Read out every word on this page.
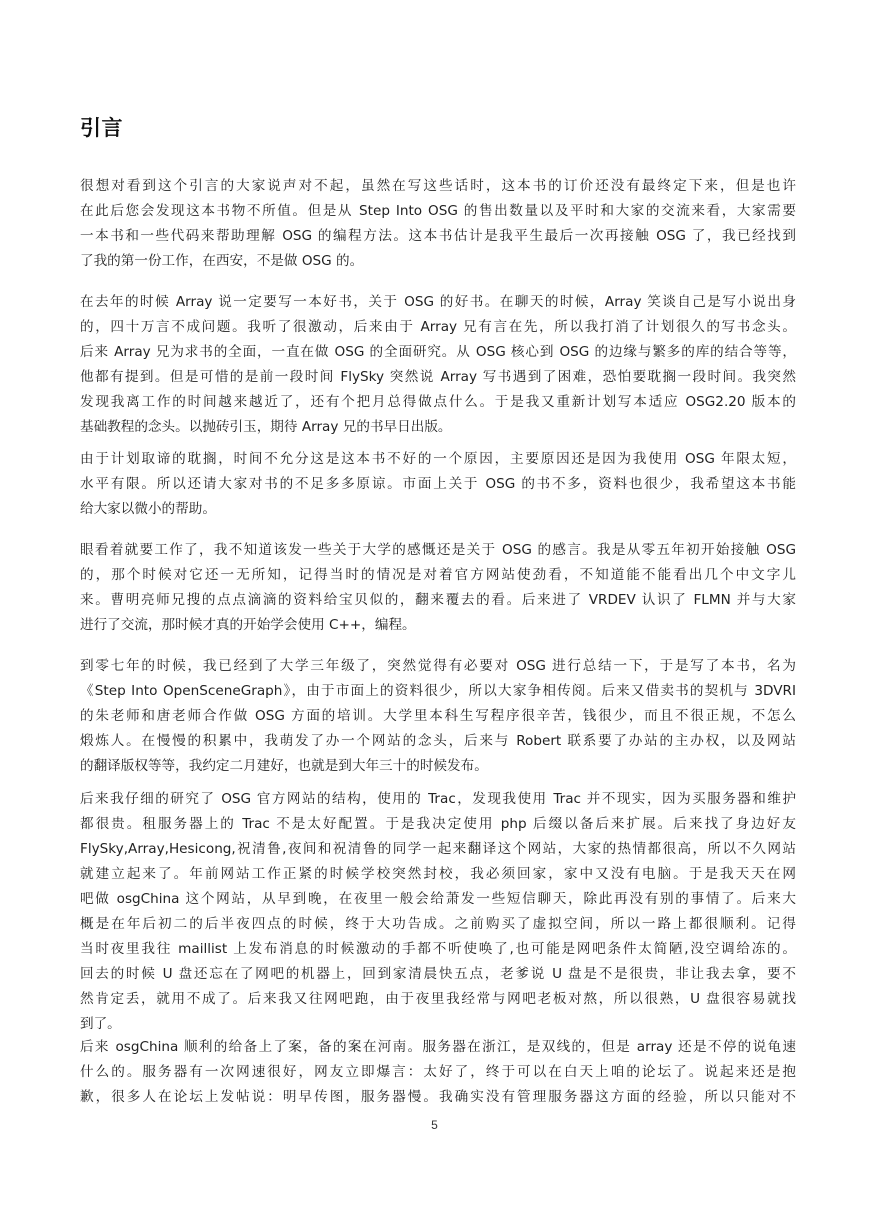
引言
很想对看到这个引言的大家说声对不起，虽然在写这些话时，这本书的订价还没有最终定下来，但是也许
在此后您会发现这本书物不所值。但是从 Step Into OSG 的售出数量以及平时和大家的交流来看，大家需要
一本书和一些代码来帮助理解 OSG 的编程方法。这本书估计是我平生最后一次再接触 OSG 了，我已经找到
了我的第一份工作，在西安，不是做 OSG 的。
在去年的时候 Array 说一定要写一本好书，关于 OSG 的好书。在聊天的时候，Array 笑谈自己是写小说出身
的，四十万言不成问题。我听了很激动，后来由于 Array 兄有言在先，所以我打消了计划很久的写书念头。
后来 Array 兄为求书的全面，一直在做 OSG 的全面研究。从 OSG 核心到 OSG 的边缘与繁多的库的结合等等，
他都有提到。但是可惜的是前一段时间 FlySky 突然说 Array 写书遇到了困难，恐怕要耽搁一段时间。我突然
发现我离工作的时间越来越近了，还有个把月总得做点什么。于是我又重新计划写本适应 OSG2.20 版本的
基础教程的念头。以抛砖引玉，期待 Array 兄的书早日出版。
由于计划取谛的耽搁，时间不允分这是这本书不好的一个原因，主要原因还是因为我使用 OSG 年限太短，
水平有限。所以还请大家对书的不足多多原谅。市面上关于 OSG 的书不多，资料也很少，我希望这本书能
给大家以微小的帮助。
眼看着就要工作了，我不知道该发一些关于大学的感慨还是关于 OSG 的感言。我是从零五年初开始接触 OSG
的，那个时候对它还一无所知，记得当时的情况是对着官方网站使劲看，不知道能不能看出几个中文字儿
来。曹明亮师兄搜的点点滴滴的资料给宝贝似的，翻来覆去的看。后来进了 VRDEV 认识了 FLMN 并与大家
进行了交流，那时候才真的开始学会使用 C++，编程。
到零七年的时候，我已经到了大学三年级了，突然觉得有必要对 OSG 进行总结一下，于是写了本书，名为
《Step Into OpenSceneGraph》，由于市面上的资料很少，所以大家争相传阅。后来又借卖书的契机与 3DVRI
的朱老师和唐老师合作做 OSG 方面的培训。大学里本科生写程序很辛苦，钱很少，而且不很正规，不怎么
煅炼人。在慢慢的积累中，我萌发了办一个网站的念头，后来与 Robert 联系要了办站的主办权，以及网站
的翻译版权等等，我约定二月建好，也就是到大年三十的时候发布。
后来我仔细的研究了 OSG 官方网站的结构，使用的 Trac，发现我使用 Trac 并不现实，因为买服务器和维护
都很贵。租服务器上的 Trac 不是太好配置。于是我决定使用 php 后缀以备后来扩展。后来找了身边好友
FlySky,Array,Hesicong,祝清鲁,夜间和祝清鲁的同学一起来翻译这个网站，大家的热情都很高，所以不久网站
就建立起来了。年前网站工作正紧的时候学校突然封校，我必须回家，家中又没有电脑。于是我天天在网
吧做 osgChina 这个网站，从早到晚，在夜里一般会给萧发一些短信聊天，除此再没有别的事情了。后来大
概是在年后初二的后半夜四点的时候，终于大功告成。之前购买了虚拟空间，所以一路上都很顺利。记得
当时夜里我往 maillist 上发布消息的时候激动的手都不听使唤了,也可能是网吧条件太简陋,没空调给冻的。
回去的时候 U 盘还忘在了网吧的机器上，回到家清晨快五点，老爹说 U 盘是不是很贵，非让我去拿，要不
然肯定丢，就用不成了。后来我又往网吧跑，由于夜里我经常与网吧老板对熬，所以很熟，U 盘很容易就找
到了。
后来 osgChina 顺利的给备上了案，备的案在河南。服务器在浙江，是双线的，但是 array 还是不停的说龟速
什么的。服务器有一次网速很好，网友立即爆言：太好了，终于可以在白天上咱的论坛了。说起来还是抱
歉，很多人在论坛上发帖说：明早传图，服务器慢。我确实没有管理服务器这方面的经验，所以只能对不
5
